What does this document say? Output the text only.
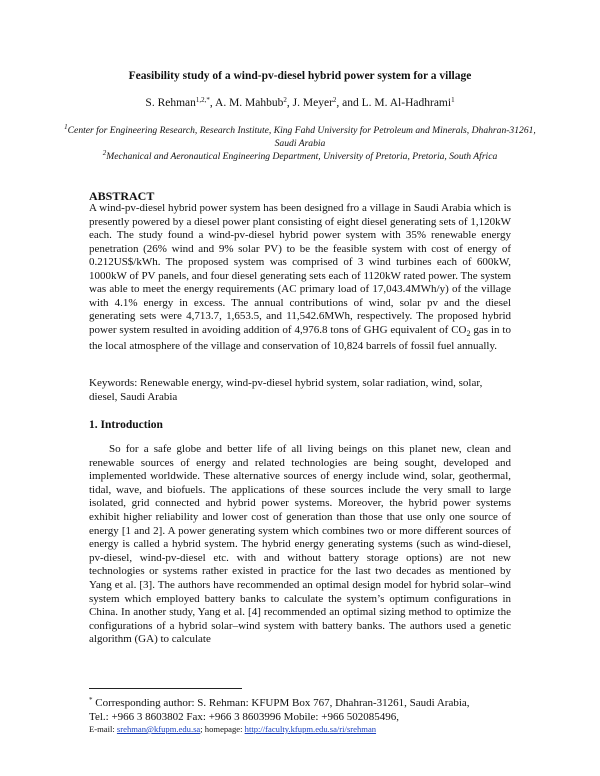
Feasibility study of a wind-pv-diesel hybrid power system for a village
S. Rehman$^{1,2,*}$, A. M. Mahbub$^2$, J. Meyer$^2$, and L. M. Al-Hadhrami$^1$
$^1$Center for Engineering Research, Research Institute, King Fahd University for Petroleum and Minerals, Dhahran-31261, Saudi Arabia
$^2$Mechanical and Aeronautical Engineering Department, University of Pretoria, Pretoria, South Africa
ABSTRACT
A wind-pv-diesel hybrid power system has been designed fro a village in Saudi Arabia which is presently powered by a diesel power plant consisting of eight diesel generating sets of 1,120kW each. The study found a wind-pv-diesel hybrid power system with 35% renewable energy penetration (26% wind and 9% solar PV) to be the feasible system with cost of energy of 0.212US$/kWh. The proposed system was comprised of 3 wind turbines each of 600kW, 1000kW of PV panels, and four diesel generating sets each of 1120kW rated power. The system was able to meet the energy requirements (AC primary load of 17,043.4MWh/y) of the village with 4.1% energy in excess. The annual contributions of wind, solar pv and the diesel generating sets were 4,713.7, 1,653.5, and 11,542.6MWh, respectively. The proposed hybrid power system resulted in avoiding addition of 4,976.8 tons of GHG equivalent of $CO_2$ gas in to the local atmosphere of the village and conservation of 10,824 barrels of fossil fuel annually.
Keywords: Renewable energy, wind-pv-diesel hybrid system, solar radiation, wind, solar, diesel, Saudi Arabia
1. Introduction
So for a safe globe and better life of all living beings on this planet new, clean and renewable sources of energy and related technologies are being sought, developed and implemented worldwide. These alternative sources of energy include wind, solar, geothermal, tidal, wave, and biofuels. The applications of these sources include the very small to large isolated, grid connected and hybrid power systems. Moreover, the hybrid power systems exhibit higher reliability and lower cost of generation than those that use only one source of energy [1 and 2]. A power generating system which combines two or more different sources of energy is called a hybrid system. The hybrid energy generating systems (such as wind-diesel, pv-diesel, wind-pv-diesel etc. with and without battery storage options) are not new technologies or systems rather existed in practice for the last two decades as mentioned by Yang et al. [3]. The authors have recommended an optimal design model for hybrid solar–wind system which employed battery banks to calculate the system’s optimum configurations in China. In another study, Yang et al. [4] recommended an optimal sizing method to optimize the configurations of a hybrid solar–wind system with battery banks. The authors used a genetic algorithm (GA) to calculate
* Corresponding author: S. Rehman: KFUPM Box 767, Dhahran-31261, Saudi Arabia,
Tel.: +966 3 8603802 Fax: +966 3 8603996 Mobile: +966 502085496,
E-mail: srehman@kfupm.edu.sa; homepage: http://faculty.kfupm.edu.sa/ri/srehman
